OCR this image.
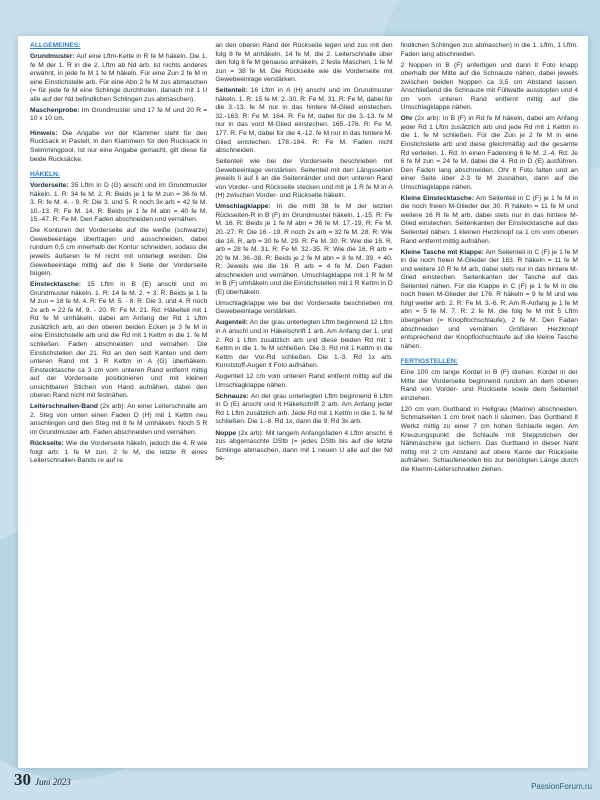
ALLGEMEINES:

Grundmuster: Auf eine Lftm-Kette in R fe M häkeln. Die 1. fe M der 1. R in die 2. Lftm ab Nd arb. Ist nichts anderes erwähnt, in jede fe M 1 fe M häkeln. Für eine Zun 2 fe M in eine Einstichstelle arb. Für eine Abn 2 fe M zus abmaschen (= für jede fe M eine Schlinge durchholen, danach mit 1 U alle auf der Nd befindlichen Schlingen zus abmaschen).

Maschenprobe: Im Grundmuster sind 17 fe M und 20 R = 10 x 10 cm.

Hinweis: Die Angabe vor der Klammer steht für den Rucksack in Pastell, in den Klammern für den Rucksack in Swimmingpool. Ist nur eine Angabe gemacht, gilt diese für beide Rucksäcke.

HÄKELN:

Vorderseite: 35 Lftm in D (G) anschl und im Grundmuster häkeln. 1. R: 34 fe M. 2. R: Beids je 1 fe M zun = 36 fe M. 3. R: fe M. 4. - 9. R: Die 3. und 5. R noch 3x arb = 42 fe M. 10.-13. R: Fe M. 14. R: Beids je 1 fe M abn = 40 fe M. 15.-47. R: Fe M. Den Faden abschneiden und vernähen.

Die Konturen der Vorderseite auf die weiße (schwarze) Gewebeeinlage übertragen und ausschneiden, dabei rundum 0,5 cm innerhalb der Kontur schneiden, sodass die jeweils äußeren fe M nicht mit unterlegt werden. Die Gewebeeinlage mittig auf die li Seite der Vorderseite bügeln.

Einstecktasche: 15 Lftm in B (E) anschl und im Grundmuster häkeln. 1. R: 14 fe M. 2. + 3. R: Beids je 1 fe M zun = 18 fe M. 4. R: Fe M. 5. - 8. R: Die 3. und 4. R noch 2x arb = 22 fe M. 9. - 20. R: Fe M. 21. Rd: Häkelteil mit 1 Rd fe M umhäkeln, dabei am Anfang der Rd 1 Lftm zusätzlich arb, an den oberen beiden Ecken je 3 fe M in eine Einstichstelle arb und die Rd mit 1 Kettm in die 1. fe M schließen. Faden abschneiden und vernähen. Die Einstichstellen der 21. Rd an den seitl Kanten und dem unteren Rand mit 1 R Kettm in A (G) überhäkeln. Einstecktasche ca 3 cm vom unteren Rand entfernt mittig auf der Vorderseite positionieren und mit kleinen unsichtbaren Stichen von Hand aufnähen, dabei den oberen Rand nicht mit festnähen.

Leiterschnallen-Band (2x arb): An einer Leiterschnalle am 2. Steg von unten einen Faden D (H) mit 1 Kettm neu anschlingen und den Steg mit 8 fe M umhäkeln. Noch 5 R im Grundmuster arb. Faden abschneiden und vernähen.

Rückseite: Wie die Vorderseite häkeln, jedoch die 4. R wie folgt arb: 1 fe M zun, 2 fe M, die letzte R eines Leiterschnallen-Bands re auf re

an den oberen Rand der Rückseite legen und zus mit den folg 8 fe M anhäkeln, 14 fe M, die 2. Leiterschnalle über den folg 8 fe M genauso anhäkeln, 2 feste Maschen, 1 fe M zun = 38 fe M. Die Rückseite wie die Vorderseite mit Gewebeeinlage verstärken.

Seitenteil: 16 Lftm in A (H) anschl und im Grundmuster häkeln. 1. R: 15 fe M. 2.-30. R: Fe M. 31. R: Fe M, dabei für die 3.-13. fe M nur in das hintere M-Glied einstechen. 32.-163. R: Fe M. 164. R: Fe M, dabei für die 3.-13. fe M nur in das vord M-Glied einstechen. 165.-176. R: Fe M. 177. R: Fe M, dabei für die 4.-12. fe M nur in das hintere M-Glied einstechen. 178.-184. R: Fe M. Faden nicht abschneiden.

Seitenteil wie bei der Vorderseite beschrieben mit Gewebeeinlage verstärken. Seitenteil mit den Längsseiten jeweils li auf li an die Seitenränder und den unteren Rand von Vorder- und Rückseite stecken und mit je 1 R fe M in A (H) zwischen Vorder- und Rückseite häkeln.

Umschlagklappe: In die mittl 38 fe M der letzten Rückseiten-R in B (F) im Grundmuster häkeln. 1.-15. R: Fe M. 16. R: Beids je 1 fe M abn = 36 fe M. 17.-19. R: Fe M. 20.-27. R: Die 16 - 19. R noch 2x arb = 32 fe M. 28. R: Wie die 16. R. arb = 30 fe M. 29. R: Fe M. 30. R: Wie die 16. R. arb = 28 fe M. 31. R: Fe M. 32.-35. R: Wie die 16. R arb = 20 fe M. 36.-38. R: Beids je 2 fe M abn = 8 fe M. 39. + 40. R: Jeweils wie die 16. R arb = 4 fe M. Den Faden abschneiden und vernähen. Umschlagklappe mit 1 R fe M in B (F) umhäkeln und die Einstichstellen mit 1 R Kettm in D (E) überhäkeln.

Umschlagklappe wie bei der Vorderseite beschrieben mit Gewebeeinlage verstärken.

Augenteil: An der grau unterlegten Lftm beginnend 12 Lftm in A anschl und in Häkelschrift 1 arb. Am Anfang der 1. und 2. Rd 1 Lftm zusätzlich arb und diese beiden Rd mit 1 Kettm in die 1. fe M schließen. Die 3. Rd mit 1 Kettm in die Kettm der Vor-Rd schließen. Die 1.-3. Rd 1x arb. Kunststoff-Augen lt Foto aufnähen.

Augenteil 12 cm vom unteren Rand entfernt mittig auf die Umschlagklappe nähen.

Schnauze: An der grau unterlegten Lftm beginnend 6 Lftm in D (E) anschl und lt Häkelschrift 2 arb. Am Anfang jeder Rd 1 Lftm zusätzlich arb. Jede Rd mit 1 Kettm in die 1. fe M schließen. Die 1.-8. Rd 1x, dann die 9. Rd 3x arb.

Noppe (2x arb): Mit langem Anfangsfaden 4 Lftm anschl, 6 zus abgemaschte DStb (= jedes DStb bis auf die letzte Schlinge abmaschen, dann mit 1 neuen U alle auf der Nd be-

findlichen Schlingen zus abmaschen) in die 1. Lftm, 1 Lftm. Faden lang abschneiden.

2 Noppen in B (F) anfertigen und dann lt Foto knapp oberhalb der Mitte auf die Schnauze nähen, dabei jeweils zwischen beiden Noppen ca 3,5 cm Abstand lassen. Anschließend die Schnauze mit Füllwatte ausstopfen und 4 cm vom unteren Rand entfernt mittig auf die Umschlagklappe nähen.

Ohr (2x arb): In B (F) in Rd fe M häkeln, dabei am Anfang jeder Rd 1 Lftm zusätzlich arb und jede Rd mit 1 Kettm in die 1. fe M schließen. Für die Zun je 2 fe M in eine Einstichstelle arb und diese gleichmäßig auf die gesamte Rd verteilen. 1. Rd: In einen Fadenring 6 fe M. 2.-4. Rd: Je 6 fe M zun = 24 fe M, dabei die 4. Rd in D (E) ausführen. Den Faden lang abschneiden. Ohr lt Foto falten und an einer Seite über 2-3 fe M zusnähen, dann auf die Umschlagklappe nähen.

Kleine Einstecktasche: Am Seitenteil in C (F) je 1 fe M in die noch freien M-Glieder der 30. R häkeln = 11 fe M und weitere 16 R fe M arb, dabei stets nur in das hintere M-Glied einstechen. Seitenkanten der Einstecktasche auf das Seitenteil nähen. 1 kleinen Herzknopf ca 1 cm vom oberen Rand entfernt mittig aufnähen.

Kleine Tasche mit Klappe: Am Seitenteil in C (F) je 1 fe M in die noch freien M-Glieder der 163. R häkeln = 11 fe M und weitere 10 R fe M arb, dabei stets nur in das hintere M-Glied einstechen. Seitenkanten der Tasche auf das Seitenteil nähen. Für die Klappe in C (F) je 1 fe M in die noch freien M-Glieder der 176. R häkeln = 9 fe M und wie folgt weiter arb: 2. R: Fe M. 3.-6. R: Am R-Anfang je 1 fe M abn = 5 fe M. 7. R: 2 fe M, die folg fe M mit 5 Lftm übergehen (= Knopflochschlaufe), 2 fe M. Den Faden abschneiden und vernähen. Größeren Herzknopf entsprechend der Knopflochschlaufe auf die kleine Tasche nähen.

FERTIGSTELLEN:

Eine 100 cm lange Kordel in B (F) drehen. Kordel in der Mitte der Vorderseite beginnend rundum an dem oberen Rand von Vorder- und Rückseite sowie dem Seitenteil einziehen.

120 cm vom Gurtband in Hellgrau (Marine) abschneiden. Schmalseiten 1 cm breit nach li säumen. Das Gurtband lt Werkz mittig zu einer 7 cm hohen Schlaufe legen. Am Kreuzungspunkt die Schlaufe mit Steppstichen der Nähmaschine gut sichern. Das Gurtband in dieser Naht mittig mit 2 cm Abstand auf obere Kante der Rückseite aufnähen. Schlaufenenden bis zur benötigten Länge durch die Klemm-Leiterschnallen ziehen.

30 Juni 2023	PassionForum.ru
